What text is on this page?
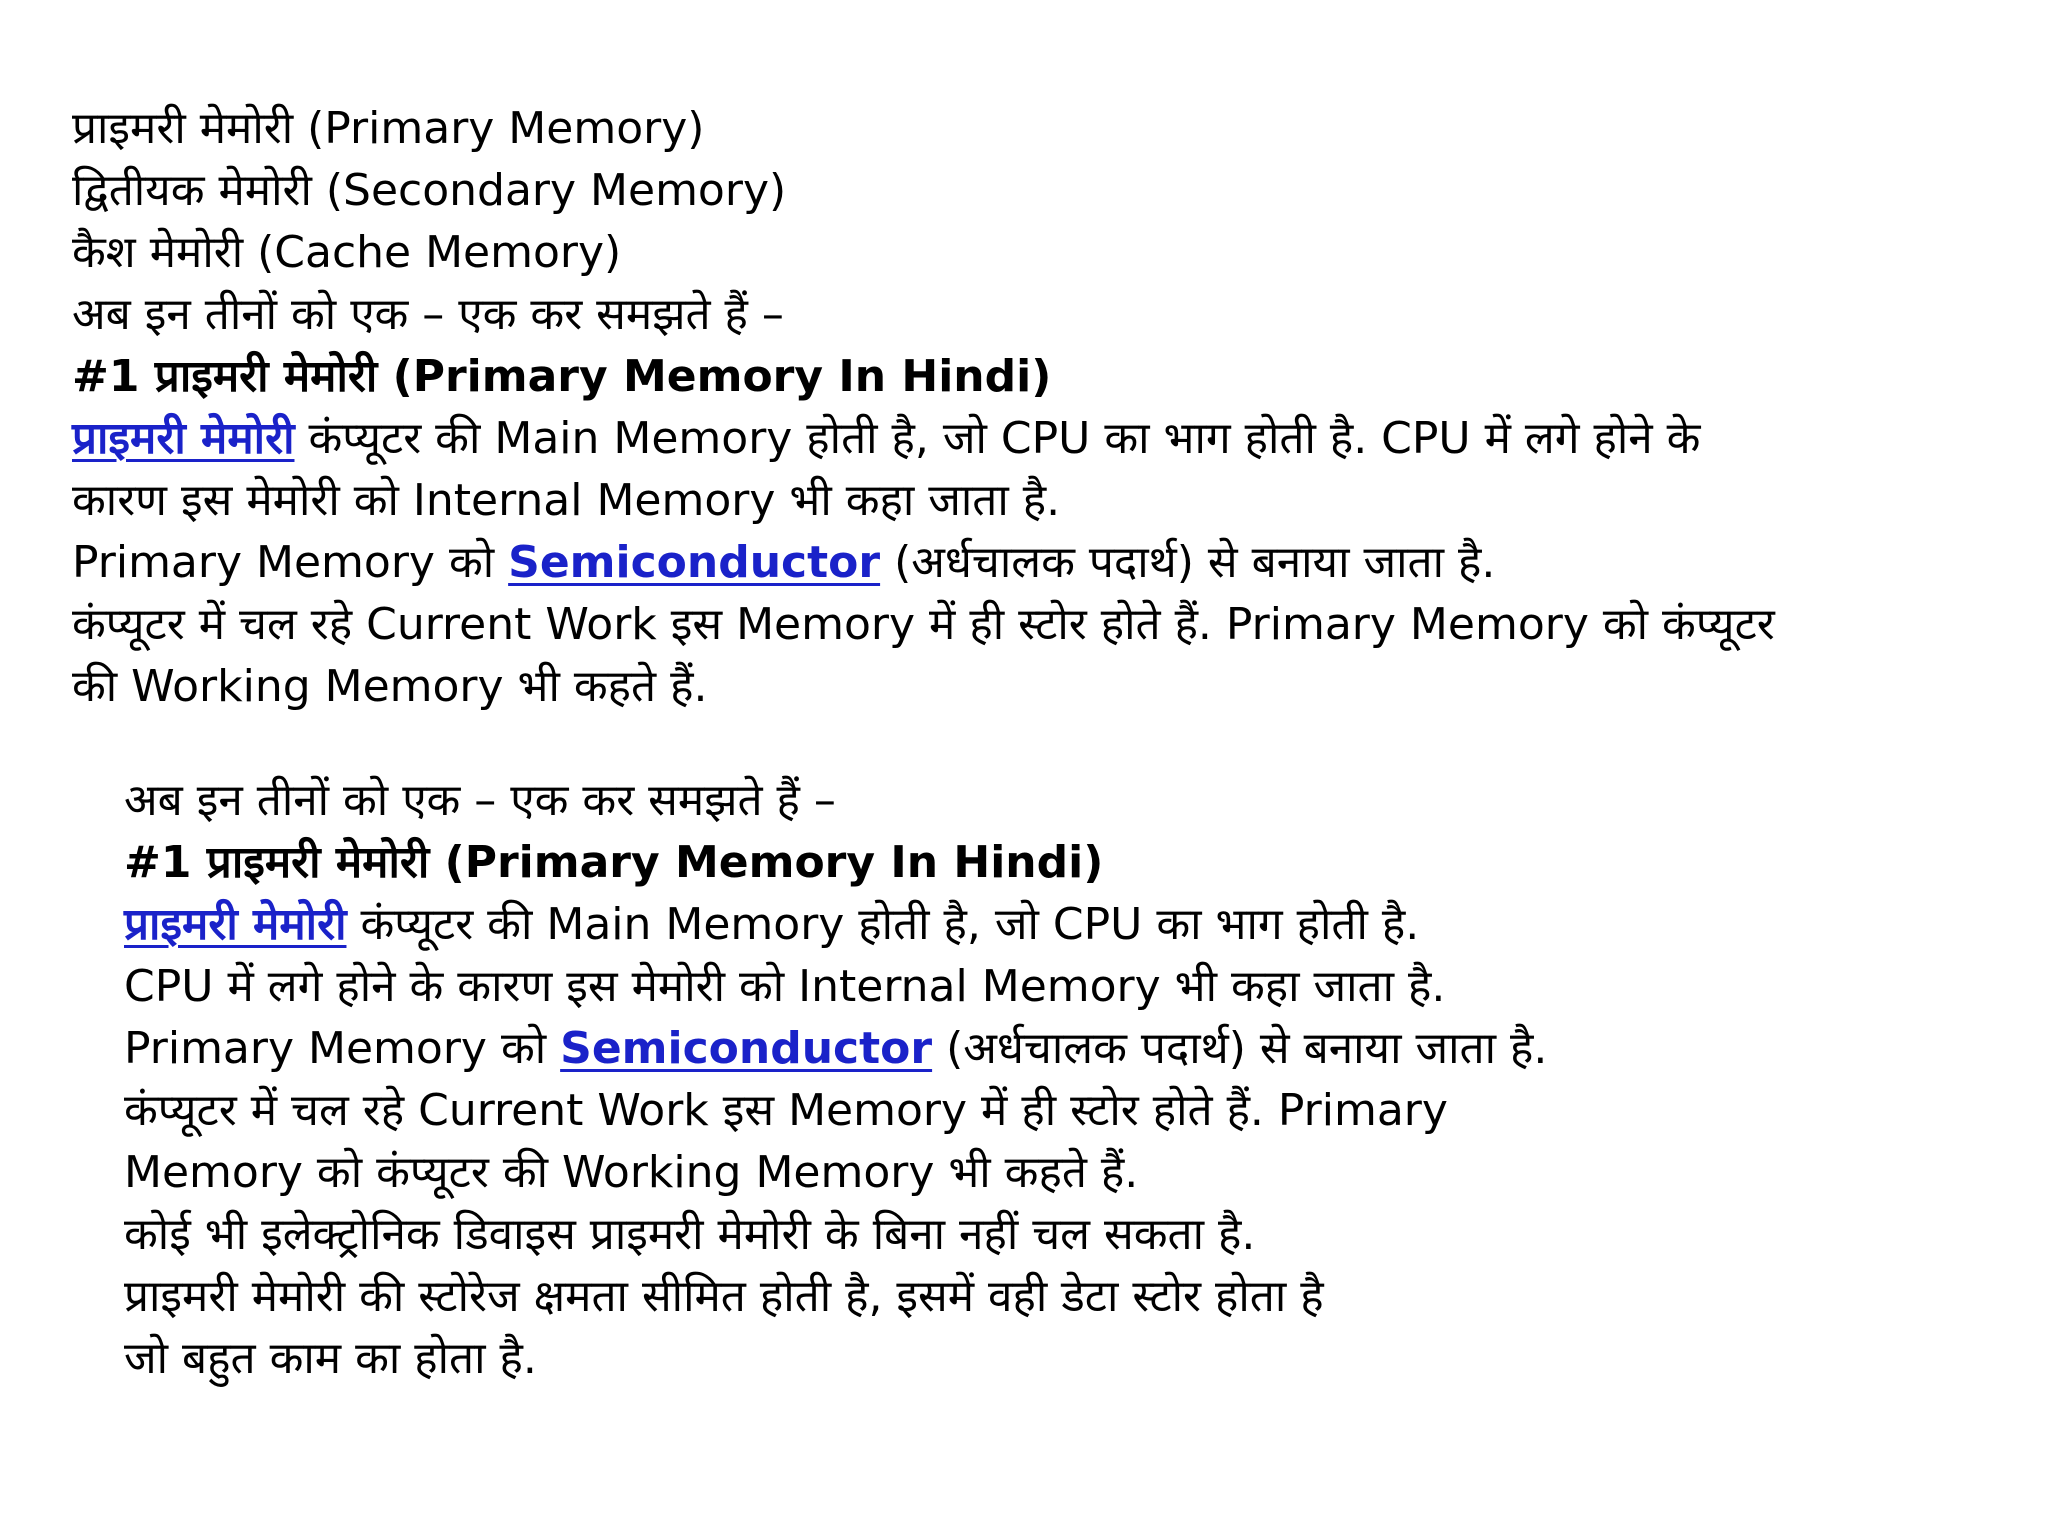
प्राइमरी मेमोरी (Primary Memory)
द्वितीयक मेमोरी (Secondary Memory)
कैश मेमोरी (Cache Memory)
अब इन तीनों को एक – एक कर समझते हैं –
#1 प्राइमरी मेमोरी (Primary Memory In Hindi)
प्राइमरी मेमोरी कंप्यूटर की Main Memory होती है, जो CPU का भाग होती है. CPU में लगे होने के
कारण इस मेमोरी को Internal Memory भी कहा जाता है.
Primary Memory को Semiconductor (अर्धचालक पदार्थ) से बनाया जाता है.
कंप्यूटर में चल रहे Current Work इस Memory में ही स्टोर होते हैं. Primary Memory को कंप्यूटर
की Working Memory भी कहते हैं.
अब इन तीनों को एक – एक कर समझते हैं –
#1 प्राइमरी मेमोरी (Primary Memory In Hindi)
प्राइमरी मेमोरी कंप्यूटर की Main Memory होती है, जो CPU का भाग होती है.
CPU में लगे होने के कारण इस मेमोरी को Internal Memory भी कहा जाता है.
Primary Memory को Semiconductor (अर्धचालक पदार्थ) से बनाया जाता है.
कंप्यूटर में चल रहे Current Work इस Memory में ही स्टोर होते हैं. Primary
Memory को कंप्यूटर की Working Memory भी कहते हैं.
कोई भी इलेक्ट्रोनिक डिवाइस प्राइमरी मेमोरी के बिना नहीं चल सकता है.
प्राइमरी मेमोरी की स्टोरेज क्षमता सीमित होती है, इसमें वही डेटा स्टोर होता है
जो बहुत काम का होता है.
